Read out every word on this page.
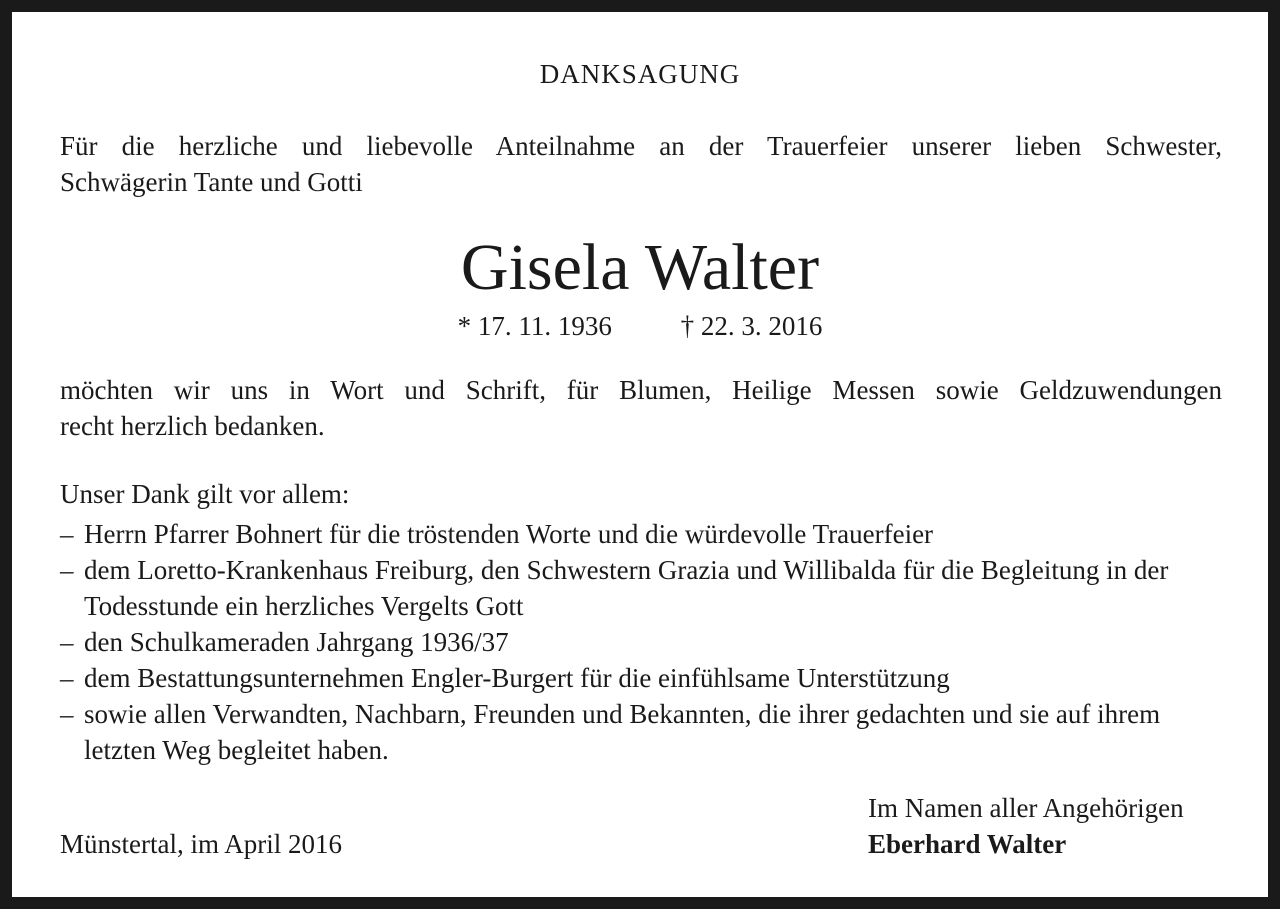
DANKSAGUNG
Für die herzliche und liebevolle Anteilnahme an der Trauerfeier unserer lieben Schwester,
Schwägerin Tante und Gotti
Gisela Walter
* 17. 11. 1936	† 22. 3. 2016
möchten wir uns in Wort und Schrift, für Blumen, Heilige Messen sowie Geldzuwendungen
recht herzlich bedanken.
Unser Dank gilt vor allem:
– Herrn Pfarrer Bohnert für die tröstenden Worte und die würdevolle Trauerfeier
– dem Loretto-Krankenhaus Freiburg, den Schwestern Grazia und Willibalda für die Begleitung in der Todesstunde ein herzliches Vergelts Gott
– den Schulkameraden Jahrgang 1936/37
– dem Bestattungsunternehmen Engler-Burgert für die einfühlsame Unterstützung
– sowie allen Verwandten, Nachbarn, Freunden und Bekannten, die ihrer gedachten und sie auf ihrem letzten Weg begleitet haben.
Im Namen aller Angehörigen
Eberhard Walter
Münstertal, im April 2016
